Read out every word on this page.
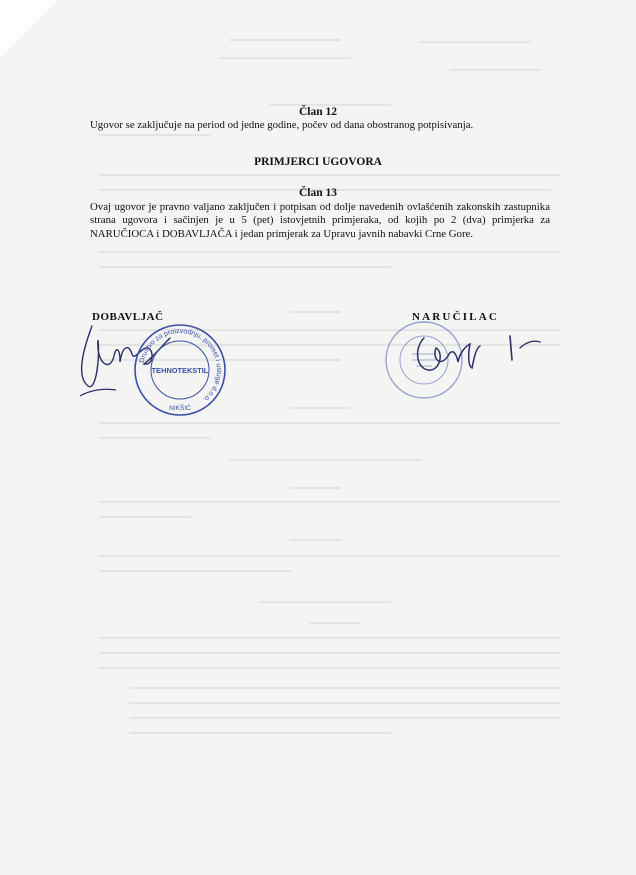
Član 12
Ugovor se zaključuje na period od jedne godine, počev od dana obostranog potpisivanja.
PRIMJERCI UGOVORA
Član 13
Ovaj ugovor je pravno valjano zaključen i potpisan od dolje navedenih ovlašćenih zakonskih zastupnika strana ugovora i sačinjen je u 5 (pet) istovjetnih primjeraka, od kojih po 2 (dva) primjerka za NARUČIOCA i DOBAVLJAČA i jedan primjerak za Upravu javnih nabavki Crne Gore.
DOBAVLJAČ	NARUČILAC
Društvo za proizvodnju, promet i usluge d.o.o.
TEHNOTEKSTIL
NIKŠIĆ
